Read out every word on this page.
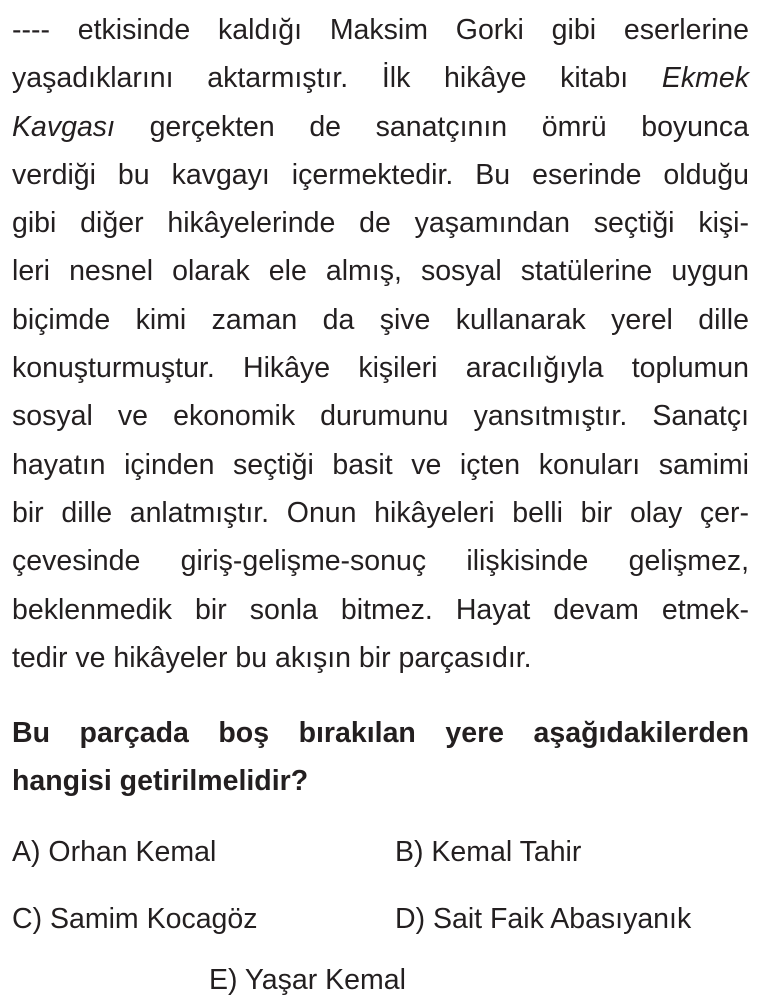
---- etkisinde kaldığı Maksim Gorki gibi eserlerine
yaşadıklarını aktarmıştır. İlk hikâye kitabı Ekmek
Kavgası gerçekten de sanatçının ömrü boyunca
verdiği bu kavgayı içermektedir. Bu eserinde olduğu
gibi diğer hikâyelerinde de yaşamından seçtiği kişi-
leri nesnel olarak ele almış, sosyal statülerine uygun
biçimde kimi zaman da şive kullanarak yerel dille
konuşturmuştur. Hikâye kişileri aracılığıyla toplumun
sosyal ve ekonomik durumunu yansıtmıştır. Sanatçı
hayatın içinden seçtiği basit ve içten konuları samimi
bir dille anlatmıştır. Onun hikâyeleri belli bir olay çer-
çevesinde giriş-gelişme-sonuç ilişkisinde gelişmez,
beklenmedik bir sonla bitmez. Hayat devam etmek-
tedir ve hikâyeler bu akışın bir parçasıdır.
Bu parçada boş bırakılan yere aşağıdakilerden
hangisi getirilmelidir?
A) Orhan Kemal	B) Kemal Tahir
C) Samim Kocagöz	D) Sait Faik Abasıyanık
E) Yaşar Kemal
